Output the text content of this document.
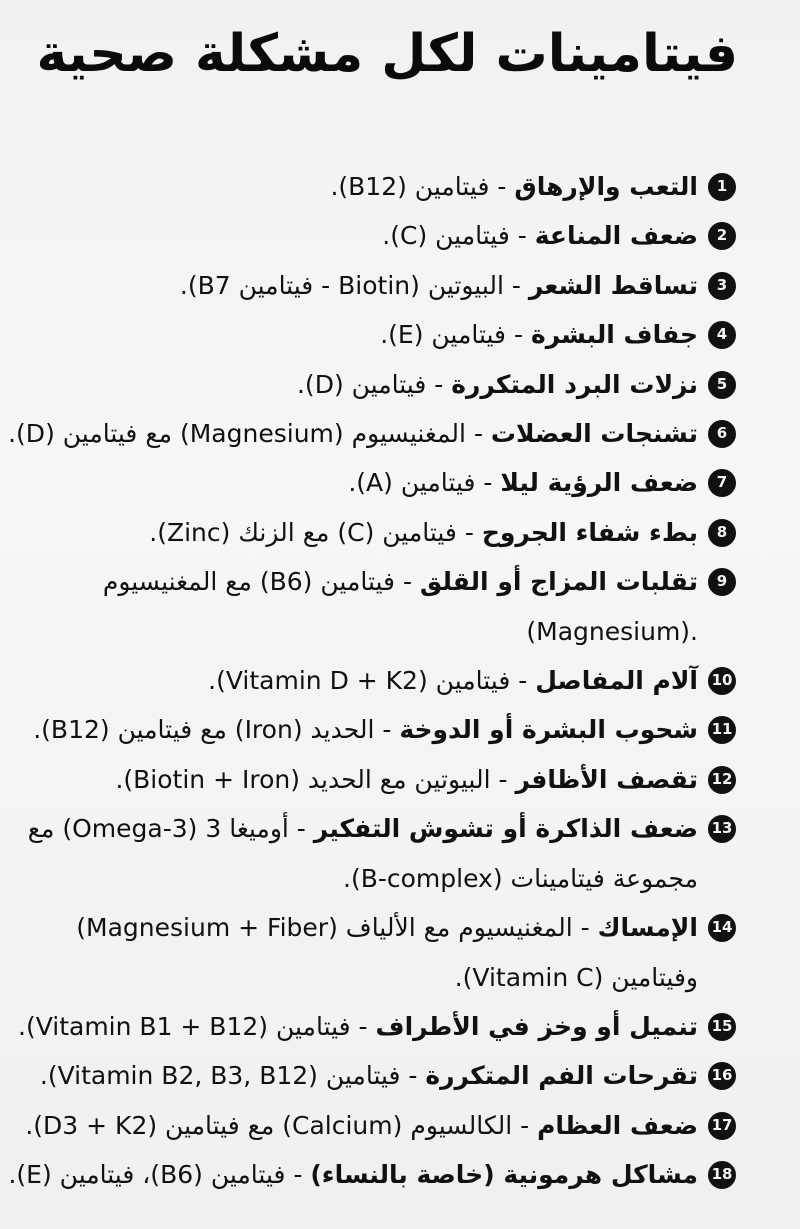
فيتامينات لكل مشكلة صحية
1
التعب والإرهاق - فيتامين (B12).
2
ضعف المناعة - فيتامين (C).
3
تساقط الشعر - البيوتين (Biotin - فيتامين B7).
4
جفاف البشرة - فيتامين (E).
5
نزلات البرد المتكررة - فيتامين (D).
6
تشنجات العضلات - المغنيسيوم (Magnesium) مع فيتامين (D).
7
ضعف الرؤية ليلا - فيتامين (A).
8
بطء شفاء الجروح - فيتامين (C) مع الزنك (Zinc).
9
تقلبات المزاج أو القلق - فيتامين (B6) مع المغنيسيوم
(Magnesium).
10
آلام المفاصل - فيتامين (Vitamin D + K2).
11
شحوب البشرة أو الدوخة - الحديد (Iron) مع فيتامين (B12).
12
تقصف الأظافر - البيوتين مع الحديد (Biotin + Iron).
13
ضعف الذاكرة أو تشوش التفكير - أوميغا 3 (Omega-3) مع
مجموعة فيتامينات (B-complex).
14
الإمساك - المغنيسيوم مع الألياف (Magnesium + Fiber)
وفيتامين (Vitamin C).
15
تنميل أو وخز في الأطراف - فيتامين (Vitamin B1 + B12).
16
تقرحات الفم المتكررة - فيتامين (Vitamin B2, B3, B12).
17
ضعف العظام - الكالسيوم (Calcium) مع فيتامين (D3 + K2).
18
مشاكل هرمونية (خاصة بالنساء) - فيتامين (B6)، فيتامين (E).
